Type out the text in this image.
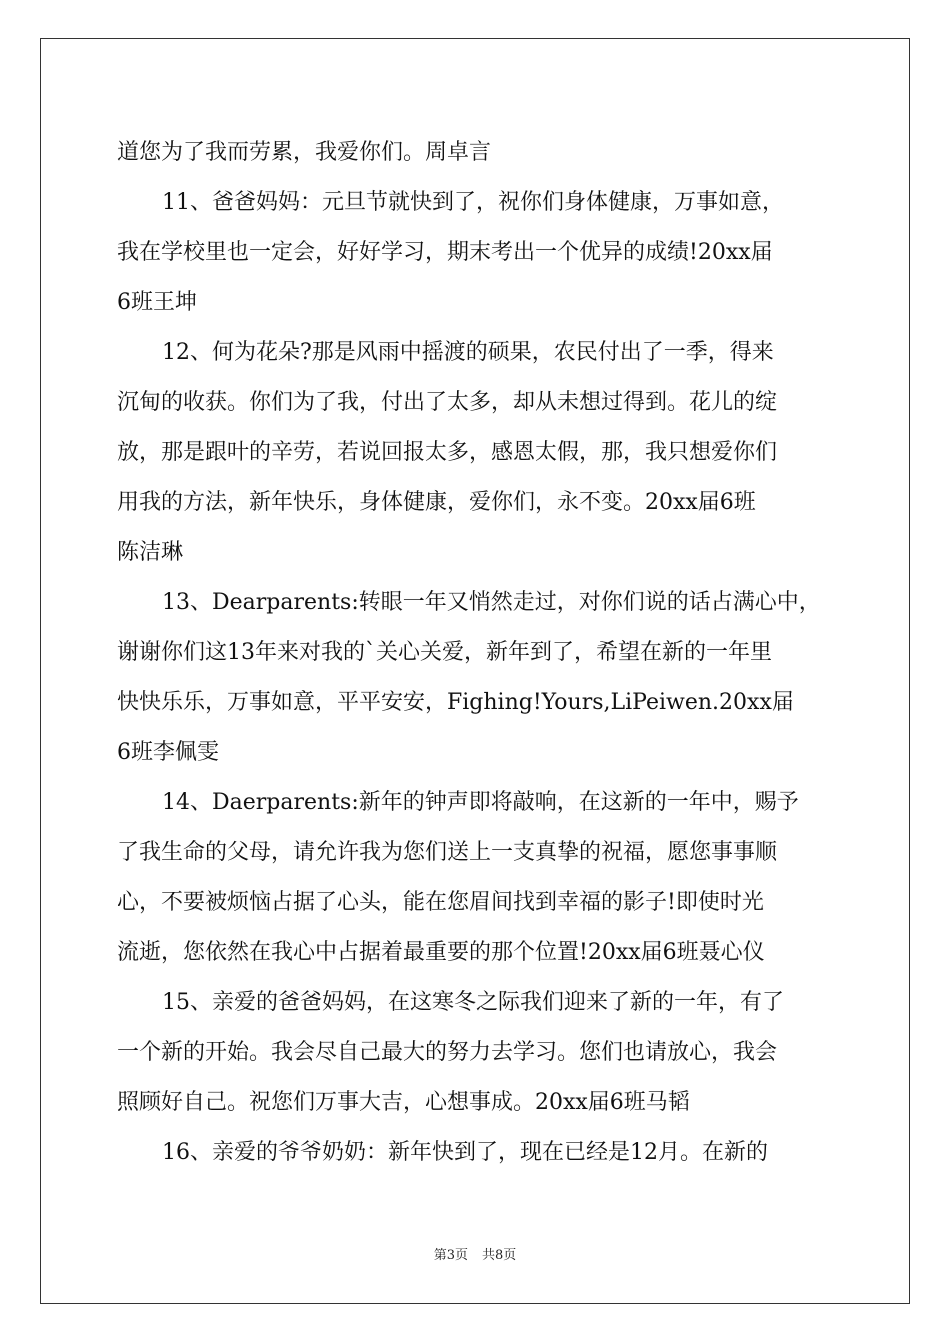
道您为了我而劳累，我爱你们。周卓言
11、爸爸妈妈：元旦节就快到了，祝你们身体健康，万事如意，
我在学校里也一定会，好好学习，期末考出一个优异的成绩!20xx届
6班王坤
12、何为花朵?那是风雨中摇渡的硕果，农民付出了一季，得来
沉甸的收获。你们为了我，付出了太多，却从未想过得到。花儿的绽
放，那是跟叶的辛劳，若说回报太多，感恩太假，那，我只想爱你们
用我的方法，新年快乐，身体健康，爱你们，永不变。20xx届6班
陈洁琳
13、Dearparents:转眼一年又悄然走过，对你们说的话占满心中，
谢谢你们这13年来对我的`关心关爱，新年到了，希望在新的一年里
快快乐乐，万事如意，平平安安，Fighing!Yours,LiPeiwen.20xx届
6班李佩雯
14、Daerparents:新年的钟声即将敲响，在这新的一年中，赐予
了我生命的父母，请允许我为您们送上一支真挚的祝福，愿您事事顺
心，不要被烦恼占据了心头，能在您眉间找到幸福的影子!即使时光
流逝，您依然在我心中占据着最重要的那个位置!20xx届6班聂心仪
15、亲爱的爸爸妈妈，在这寒冬之际我们迎来了新的一年，有了
一个新的开始。我会尽自己最大的努力去学习。您们也请放心，我会
照顾好自己。祝您们万事大吉，心想事成。20xx届6班马韬
16、亲爱的爷爷奶奶：新年快到了，现在已经是12月。在新的
第3页 共8页
